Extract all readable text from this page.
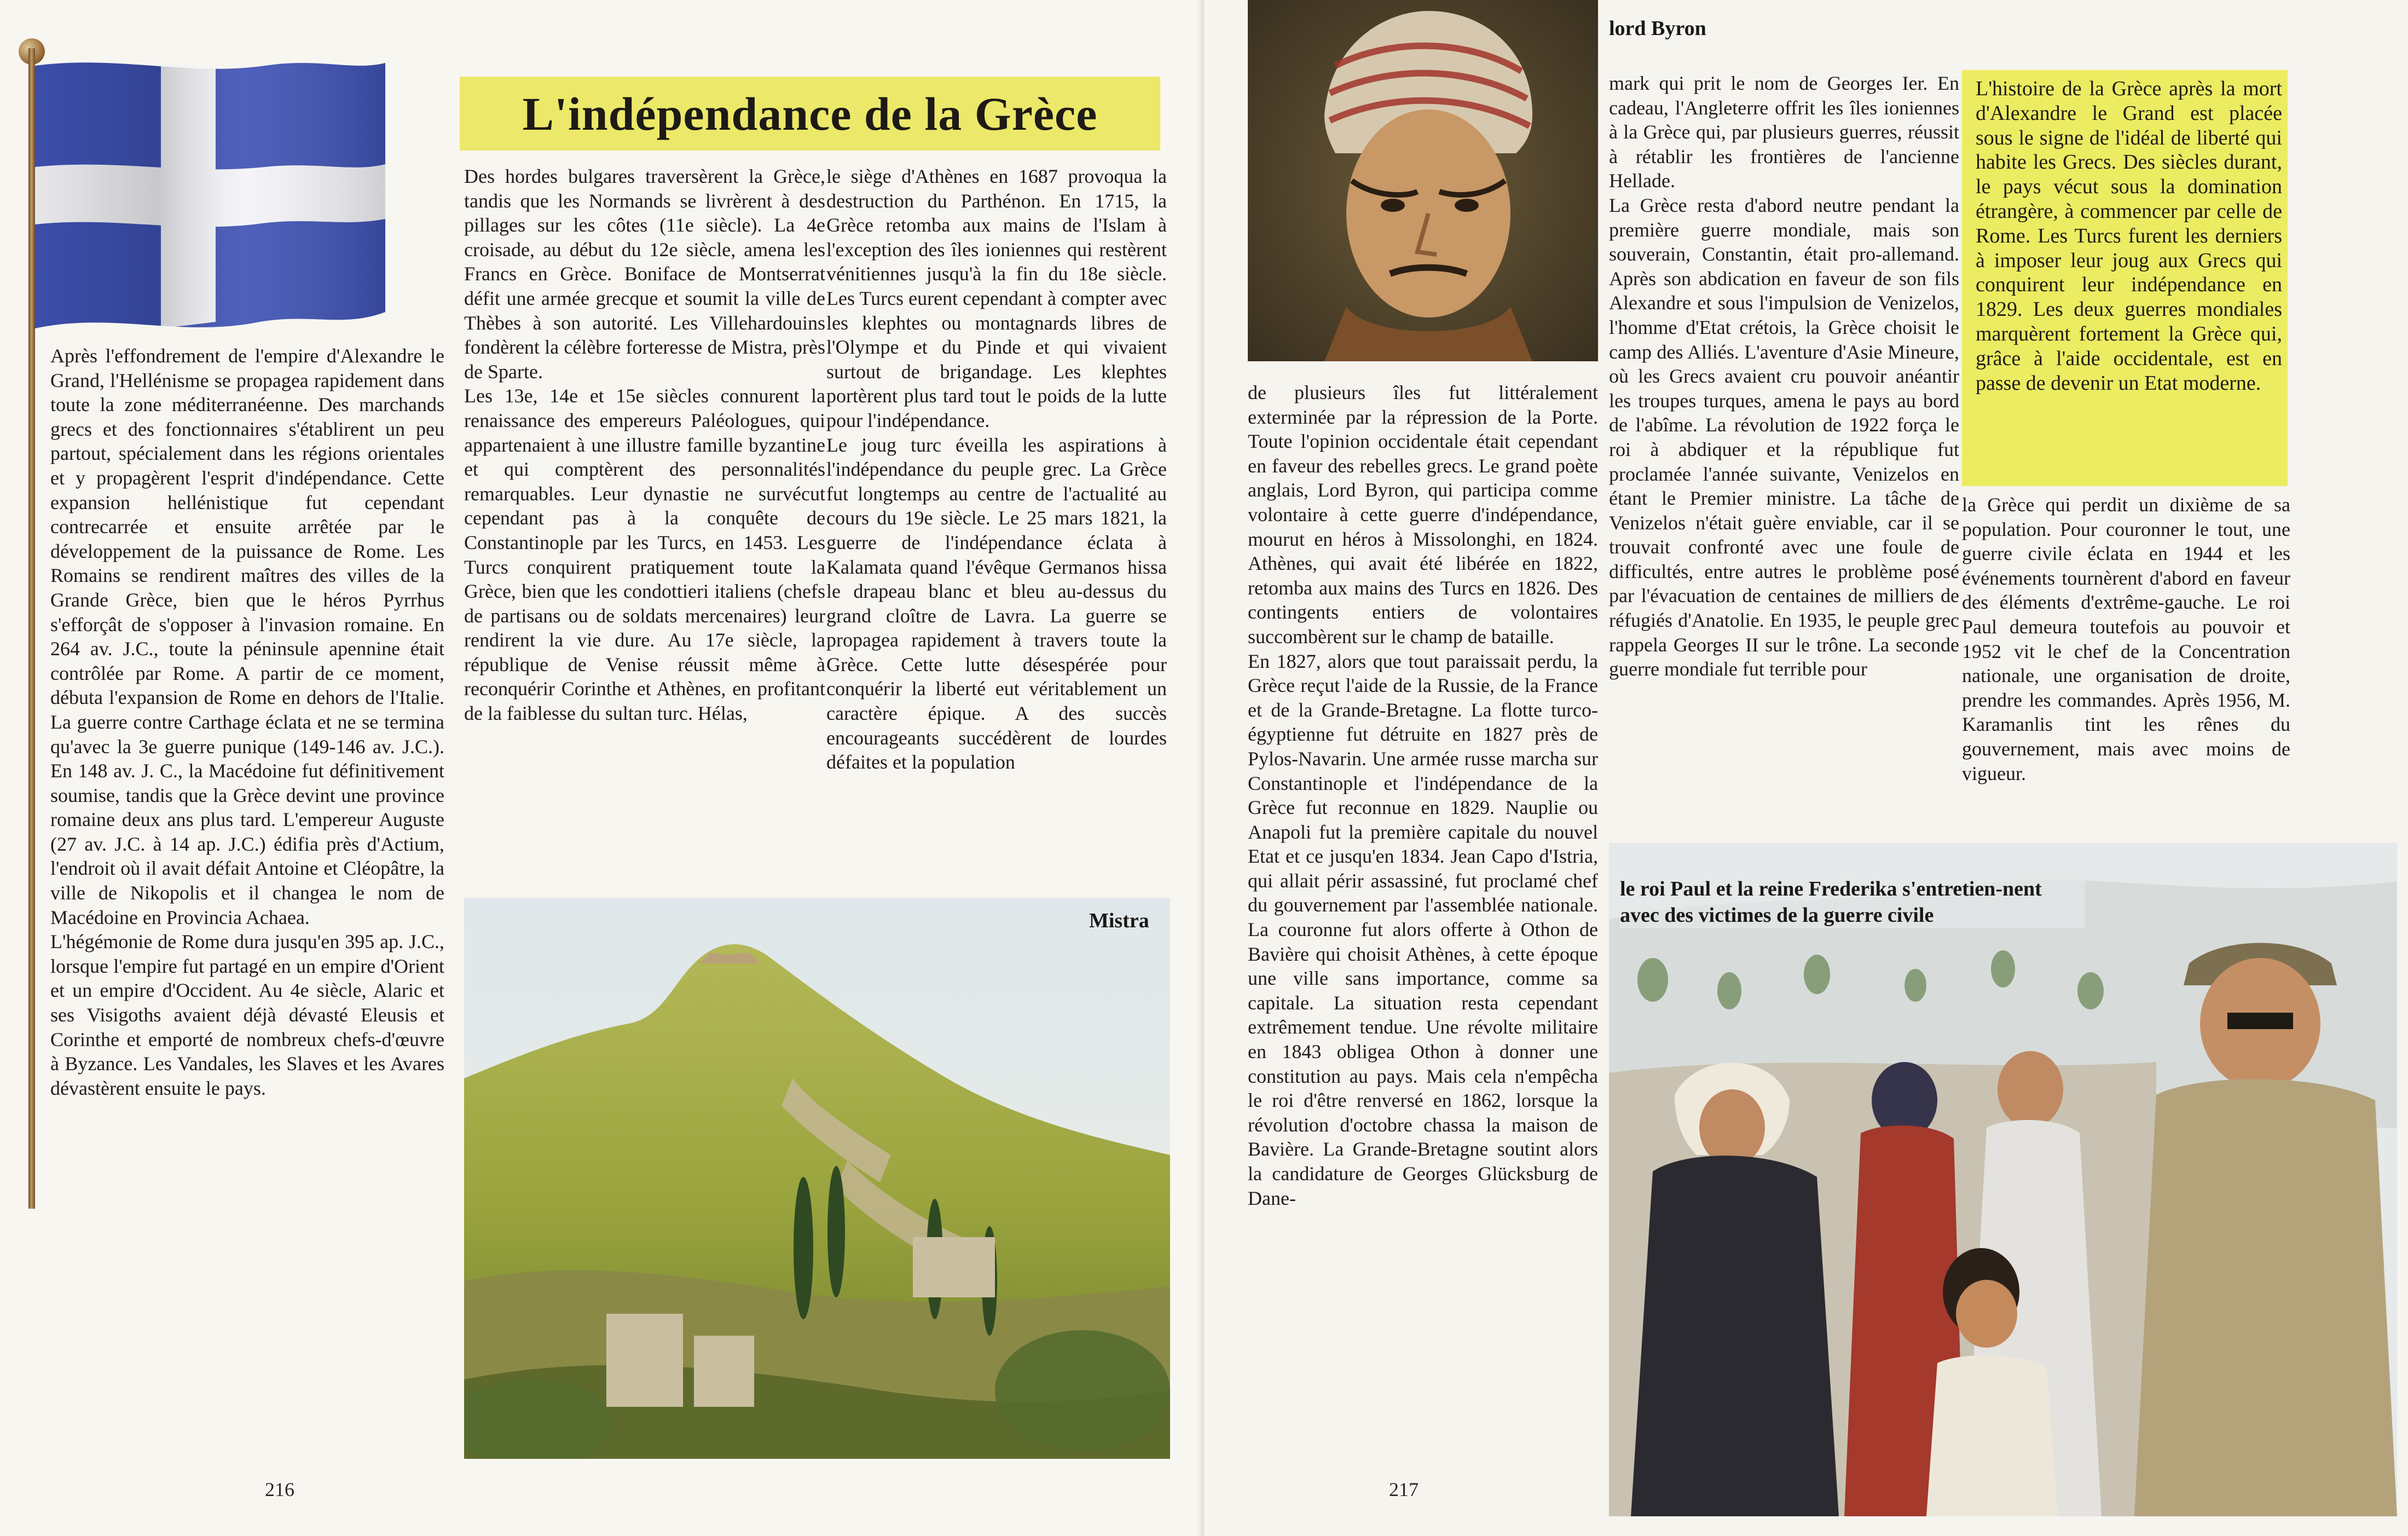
L'indépendance de la Grèce

Après l'effondrement de l'empire d'Alexandre le Grand, l'Hellénisme se propagea rapidement dans toute la zone méditerranéenne. Des marchands grecs et des fonctionnaires s'établirent un peu partout, spécialement dans les régions orientales et y propagèrent l'esprit d'indépendance. Cette expansion hellénistique fut cependant contrecarrée et ensuite arrêtée par le développement de la puissance de Rome. Les Romains se rendirent maîtres des villes de la Grande Grèce, bien que le héros Pyrrhus s'efforçât de s'opposer à l'invasion romaine. En 264 av. J.C., toute la péninsule apennine était contrôlée par Rome. A partir de ce moment, débuta l'expansion de Rome en dehors de l'Italie. La guerre contre Carthage éclata et ne se termina qu'avec la 3e guerre punique (149-146 av. J.C.). En 148 av. J. C., la Macédoine fut définitivement soumise, tandis que la Grèce devint une province romaine deux ans plus tard. L'empereur Auguste (27 av. J.C. à 14 ap. J.C.) édifia près d'Actium, l'endroit où il avait défait Antoine et Cléopâtre, la ville de Nikopolis et il changea le nom de Macédoine en Provincia Achaea.

L'hégémonie de Rome dura jusqu'en 395 ap. J.C., lorsque l'empire fut partagé en un empire d'Orient et un empire d'Occident. Au 4e siècle, Alaric et ses Visigoths avaient déjà dévasté Eleusis et Corinthe et emporté de nombreux chefs-d'œuvre à Byzance. Les Vandales, les Slaves et les Avares dévastèrent ensuite le pays.

Des hordes bulgares traversèrent la Grèce, tandis que les Normands se livrèrent à des pillages sur les côtes (11e siècle). La 4e croisade, au début du 12e siècle, amena les Francs en Grèce. Boniface de Montserrat défit une armée grecque et soumit la ville de Thèbes à son autorité. Les Villehardouins fondèrent la célèbre forteresse de Mistra, près de Sparte.

Les 13e, 14e et 15e siècles connurent la renaissance des empereurs Paléologues, qui appartenaient à une illustre famille byzantine et qui comptèrent des personnalités remarquables. Leur dynastie ne survécut cependant pas à la conquête de Constantinople par les Turcs, en 1453. Les Turcs conquirent pratiquement toute la Grèce, bien que les condottieri italiens (chefs de partisans ou de soldats mercenaires) leur rendirent la vie dure. Au 17e siècle, la république de Venise réussit même à reconquérir Corinthe et Athènes, en profitant de la faiblesse du sultan turc. Hélas,

le siège d'Athènes en 1687 provoqua la destruction du Parthénon. En 1715, la Grèce retomba aux mains de l'Islam à l'exception des îles ioniennes qui restèrent vénitiennes jusqu'à la fin du 18e siècle. Les Turcs eurent cependant à compter avec les klephtes ou montagnards libres de l'Olympe et du Pinde et qui vivaient surtout de brigandage. Les klephtes portèrent plus tard tout le poids de la lutte pour l'indépendance.

Le joug turc éveilla les aspirations à l'indépendance du peuple grec. La Grèce fut longtemps au centre de l'actualité au cours du 19e siècle. Le 25 mars 1821, la guerre de l'indépendance éclata à Kalamata quand l'évêque Germanos hissa le drapeau blanc et bleu au-dessus du grand cloître de Lavra. La guerre se propagea rapidement à travers toute la Grèce. Cette lutte désespérée pour conquérir la liberté eut véritablement un caractère épique. A des succès encourageants succédèrent de lourdes défaites et la population

Mistra
216
lord Byron

de plusieurs îles fut littéralement exterminée par la répression de la Porte. Toute l'opinion occidentale était cependant en faveur des rebelles grecs. Le grand poète anglais, Lord Byron, qui participa comme volontaire à cette guerre d'indépendance, mourut en héros à Missolonghi, en 1824. Athènes, qui avait été libérée en 1822, retomba aux mains des Turcs en 1826. Des contingents entiers de volontaires succombèrent sur le champ de bataille.

En 1827, alors que tout paraissait perdu, la Grèce reçut l'aide de la Russie, de la France et de la Grande-Bretagne. La flotte turco-égyptienne fut détruite en 1827 près de Pylos-Navarin. Une armée russe marcha sur Constantinople et l'indépendance de la Grèce fut reconnue en 1829. Nauplie ou Anapoli fut la première capitale du nouvel Etat et ce jusqu'en 1834. Jean Capo d'Istria, qui allait périr assassiné, fut proclamé chef du gouvernement par l'assemblée nationale. La couronne fut alors offerte à Othon de Bavière qui choisit Athènes, à cette époque une ville sans importance, comme sa capitale. La situation resta cependant extrêmement tendue. Une révolte militaire en 1843 obligea Othon à donner une constitution au pays. Mais cela n'empêcha le roi d'être renversé en 1862, lorsque la révolution d'octobre chassa la maison de Bavière. La Grande-Bretagne soutint alors la candidature de Georges Glücksburg de Dane-

mark qui prit le nom de Georges Ier. En cadeau, l'Angleterre offrit les îles ioniennes à la Grèce qui, par plusieurs guerres, réussit à rétablir les frontières de l'ancienne Hellade.

La Grèce resta d'abord neutre pendant la première guerre mondiale, mais son souverain, Constantin, était pro-allemand. Après son abdication en faveur de son fils Alexandre et sous l'impulsion de Venizelos, l'homme d'Etat crétois, la Grèce choisit le camp des Alliés. L'aventure d'Asie Mineure, où les Grecs avaient cru pouvoir anéantir les troupes turques, amena le pays au bord de l'abîme. La révolution de 1922 força le roi à abdiquer et la république fut proclamée l'année suivante, Venizelos en étant le Premier ministre. La tâche de Venizelos n'était guère enviable, car il se trouvait confronté avec une foule de difficultés, entre autres le problème posé par l'évacuation de centaines de milliers de réfugiés d'Anatolie. En 1935, le peuple grec rappela Georges II sur le trône. La seconde guerre mondiale fut terrible pour

L'histoire de la Grèce après la mort d'Alexandre le Grand est placée sous le signe de l'idéal de liberté qui habite les Grecs. Des siècles durant, le pays vécut sous la domination étrangère, à commencer par celle de Rome. Les Turcs furent les derniers à imposer leur joug aux Grecs qui conquirent leur indépendance en 1829. Les deux guerres mondiales marquèrent fortement la Grèce qui, grâce à l'aide occidentale, est en passe de devenir un Etat moderne.

la Grèce qui perdit un dixième de sa population. Pour couronner le tout, une guerre civile éclata en 1944 et les événements tournèrent d'abord en faveur des éléments d'extrême-gauche. Le roi Paul demeura toutefois au pouvoir et 1952 vit le chef de la Concentration nationale, une organisation de droite, prendre les commandes. Après 1956, M. Karamanlis tint les rênes du gouvernement, mais avec moins de vigueur.

le roi Paul et la reine Frederika s'entretien-nent avec des victimes de la guerre civile
217
